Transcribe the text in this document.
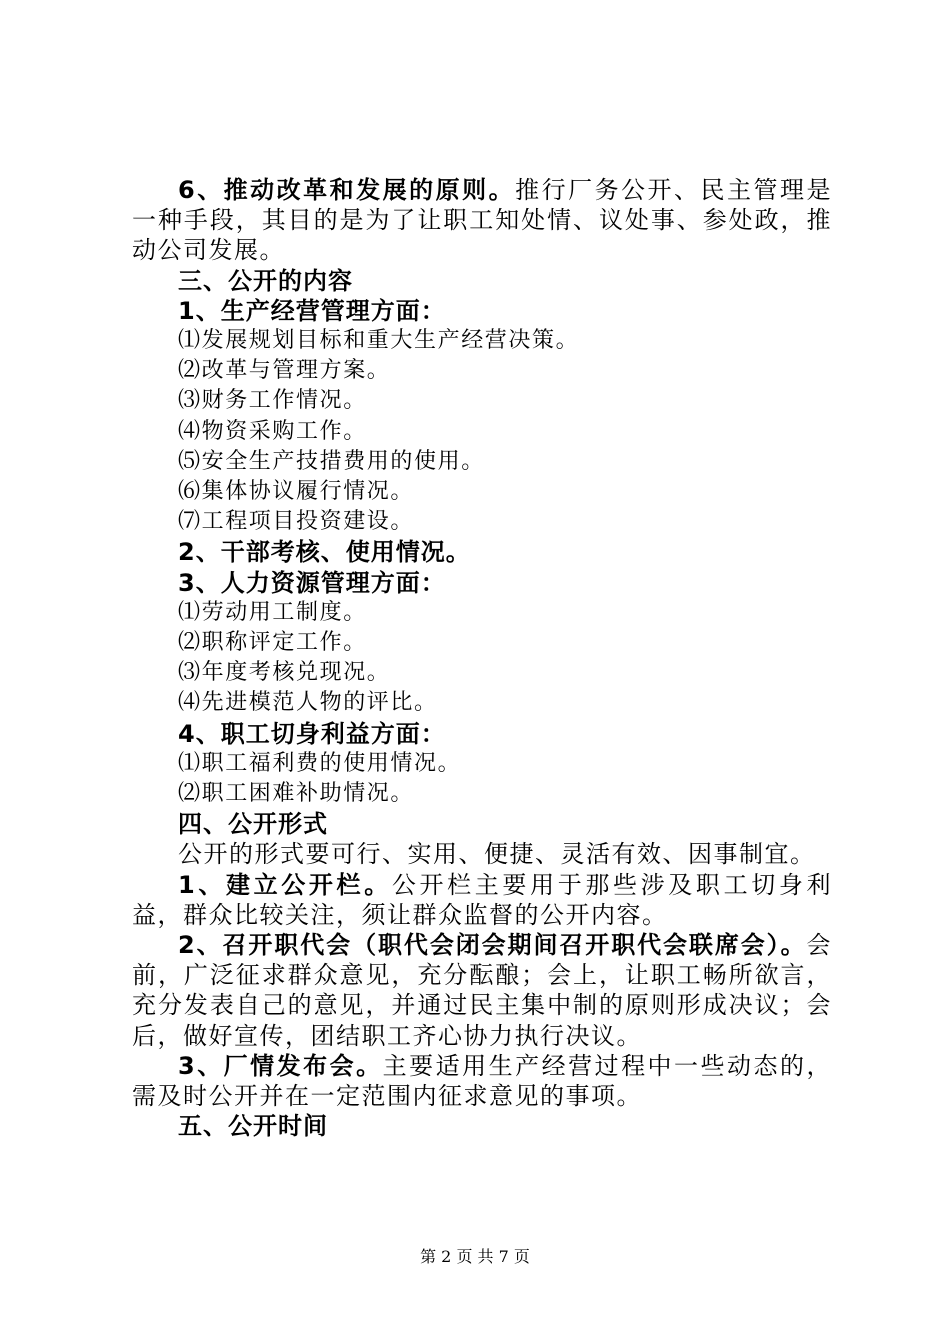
6、推动改革和发展的原则。推行厂务公开、民主管理是一种手段，其目的是为了让职工知处情、议处事、参处政，推动公司发展。

三、公开的内容

1、生产经营管理方面：

⑴发展规划目标和重大生产经营决策。

⑵改革与管理方案。

⑶财务工作情况。

⑷物资采购工作。

⑸安全生产技措费用的使用。

⑹集体协议履行情况。

⑺工程项目投资建设。

2、干部考核、使用情况。

3、人力资源管理方面：

⑴劳动用工制度。

⑵职称评定工作。

⑶年度考核兑现况。

⑷先进模范人物的评比。

4、职工切身利益方面：

⑴职工福利费的使用情况。

⑵职工困难补助情况。

四、公开形式

公开的形式要可行、实用、便捷、灵活有效、因事制宜。

1、建立公开栏。公开栏主要用于那些涉及职工切身利益，群众比较关注，须让群众监督的公开内容。

2、召开职代会（职代会闭会期间召开职代会联席会）。会前，广泛征求群众意见，充分酝酿；会上，让职工畅所欲言，充分发表自己的意见，并通过民主集中制的原则形成决议；会后，做好宣传，团结职工齐心协力执行决议。

3、厂情发布会。主要适用生产经营过程中一些动态的，需及时公开并在一定范围内征求意见的事项。

五、公开时间

第 2 页 共 7 页
